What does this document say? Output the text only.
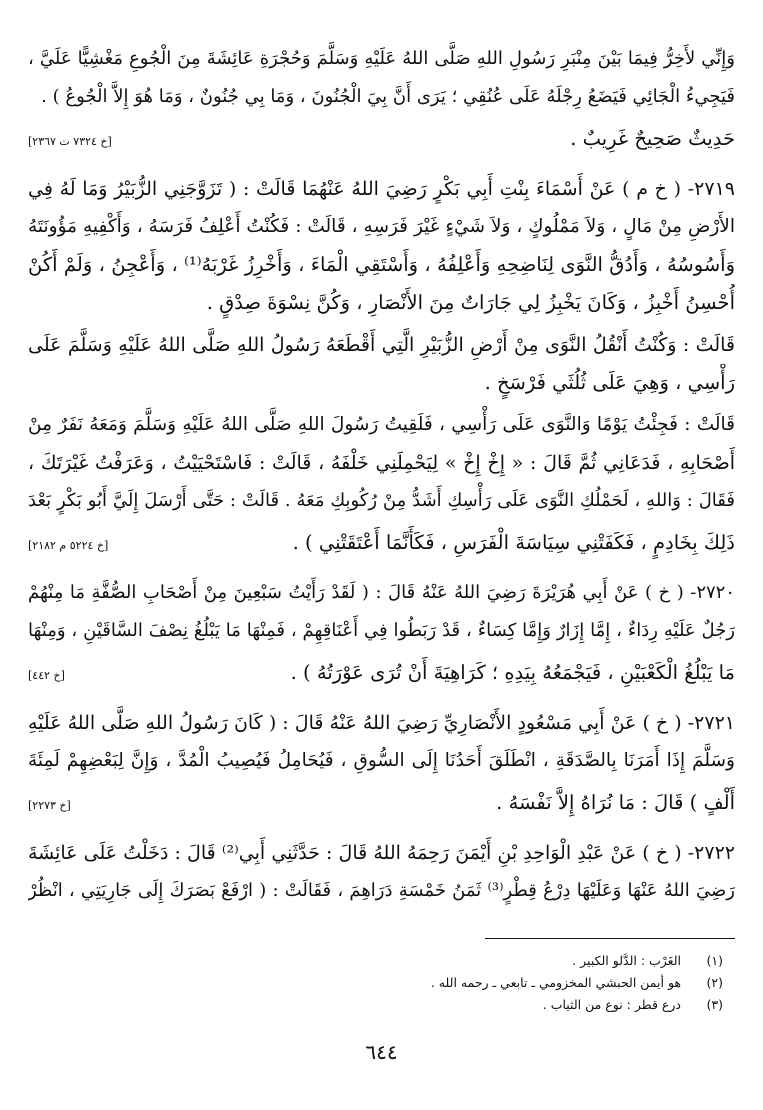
وَإِنِّي لأَخِرُّ فِيمَا بَيْنَ مِنْبَرِ رَسُولِ اللهِ صَلَّى اللهُ عَلَيْهِ وَسَلَّمَ وَحُجْرَةِ عَائِشَةَ مِنَ الْجُوعِ مَغْشِيًّا عَلَيَّ ،
فَيَجِيءُ الْجَائِي فَيَضَعُ رِجْلَهُ عَلَى عُنُقِي ؛ يَرَى أَنَّ بِيَ الْجُنُونَ ، وَمَا بِي جُنُونٌ ، وَمَا هُوَ إِلاَّ الْجُوعُ ) .
حَدِيثٌ صَحِيحٌ غَرِيبٌ .
[خ ٧٣٢٤ ت ٢٣٦٧]
٢٧١٩- ( خ م ) عَنْ أَسْمَاءَ بِنْتِ أَبِي بَكْرٍ رَضِيَ اللهُ عَنْهُمَا قَالَتْ : ( تَزَوَّجَنِي الزُّبَيْرُ وَمَا لَهُ فِي
الأَرْضِ مِنْ مَالٍ ، وَلاَ مَمْلُوكٍ ، وَلاَ شَيْءٍ غَيْرَ فَرَسِهِ ، قَالَتْ : فَكُنْتُ أَعْلِفُ فَرَسَهُ ، وَأَكْفِيهِ مَؤُونَتَهُ
وَأَسُوسُهُ ، وَأَدُقُّ النَّوَى لِنَاضِحِهِ وَأَعْلِفُهُ ، وَأَسْتَقِي الْمَاءَ ، وَأَخْرِزُ غَرْبَهُ⁽¹⁾ ، وَأَعْجِنُ ، وَلَمْ أَكُنْ
أُحْسِنُ أَخْبِزُ ، وَكَانَ يَخْبِزُ لِي جَارَاتٌ مِنَ الأَنْصَارِ ، وَكُنَّ نِسْوَةَ صِدْقٍ .
قَالَتْ : وَكُنْتُ أَنْقُلُ النَّوَى مِنْ أَرْضِ الزُّبَيْرِ الَّتِي أَقْطَعَهُ رَسُولُ اللهِ صَلَّى اللهُ عَلَيْهِ وَسَلَّمَ عَلَى
رَأْسِي ، وَهِيَ عَلَى ثُلُثَي فَرْسَخٍ .
قَالَتْ : فَجِئْتُ يَوْمًا وَالنَّوَى عَلَى رَأْسِي ، فَلَقِيتُ رَسُولَ اللهِ صَلَّى اللهُ عَلَيْهِ وَسَلَّمَ وَمَعَهُ نَفَرٌ مِنْ
أَصْحَابِهِ ، فَدَعَانِي ثُمَّ قَالَ : « إِخْ إِخْ » لِيَحْمِلَنِي خَلْفَهُ ، قَالَتْ : فَاسْتَحْيَيْتُ ، وَعَرَفْتُ غَيْرَتَكَ ،
فَقَالَ : وَاللهِ ، لَحَمْلُكِ النَّوَى عَلَى رَأْسِكِ أَشَدُّ مِنْ رُكُوبِكِ مَعَهُ . قَالَتْ : حَتَّى أَرْسَلَ إِلَيَّ أَبُو بَكْرٍ بَعْدَ
ذَلِكَ بِخَادِمٍ ، فَكَفَتْنِي سِيَاسَةَ الْفَرَسِ ، فَكَأَنَّمَا أَعْتَقَتْنِي ) .
[خ ٥٢٢٤ م ٢١٨٢]
٢٧٢٠- ( خ ) عَنْ أَبِي هُرَيْرَةَ رَضِيَ اللهُ عَنْهُ قَالَ : ( لَقَدْ رَأَيْتُ سَبْعِينَ مِنْ أَصْحَابِ الصُّفَّةِ مَا مِنْهُمْ
رَجُلٌ عَلَيْهِ رِدَاءٌ ، إِمَّا إِزَارٌ وَإِمَّا كِسَاءٌ ، قَدْ رَبَطُوا فِي أَعْنَاقِهِمْ ، فَمِنْهَا مَا يَبْلُغُ نِصْفَ السَّاقَيْنِ ، وَمِنْهَا
مَا يَبْلُغُ الْكَعْبَيْنِ ، فَيَجْمَعُهُ بِيَدِهِ ؛ كَرَاهِيَةَ أَنْ تُرَى عَوْرَتُهُ ) .
[خ ٤٤٢]
٢٧٢١- ( خ ) عَنْ أَبِي مَسْعُودٍ الأَنْصَارِيِّ رَضِيَ اللهُ عَنْهُ قَالَ : ( كَانَ رَسُولُ اللهِ صَلَّى اللهُ عَلَيْهِ
وَسَلَّمَ إِذَا أَمَرَنَا بِالصَّدَقَةِ ، انْطَلَقَ أَحَدُنَا إِلَى السُّوقِ ، فَيُحَامِلُ فَيُصِيبُ الْمُدَّ ، وَإِنَّ لِبَعْضِهِمْ لَمِئَةَ
أَلْفٍ ) قَالَ : مَا نُرَاهُ إِلاَّ نَفْسَهُ .
[خ ٢٢٧٣]
٢٧٢٢- ( خ ) عَنْ عَبْدِ الْوَاحِدِ بْنِ أَيْمَنَ رَحِمَهُ اللهُ قَالَ : حَدَّثَنِي أَبِي⁽²⁾ قَالَ : دَخَلْتُ عَلَى عَائِشَةَ
رَضِيَ اللهُ عَنْهَا وَعَلَيْهَا دِرْعُ قِطْرٍ⁽³⁾ ثَمَنُ خَمْسَةِ دَرَاهِمَ ، فَقَالَتْ : ( ارْفَعْ بَصَرَكَ إِلَى جَارِيَتِي ، انْظُرْ
(١)
الغَرْب : الدَّلو الكبير .
(٢)
هو أيمن الحبشي المخزومي ـ تابعي ـ رحمه الله .
(٣)
درع قطر : نوع من الثياب .
٦٤٤
